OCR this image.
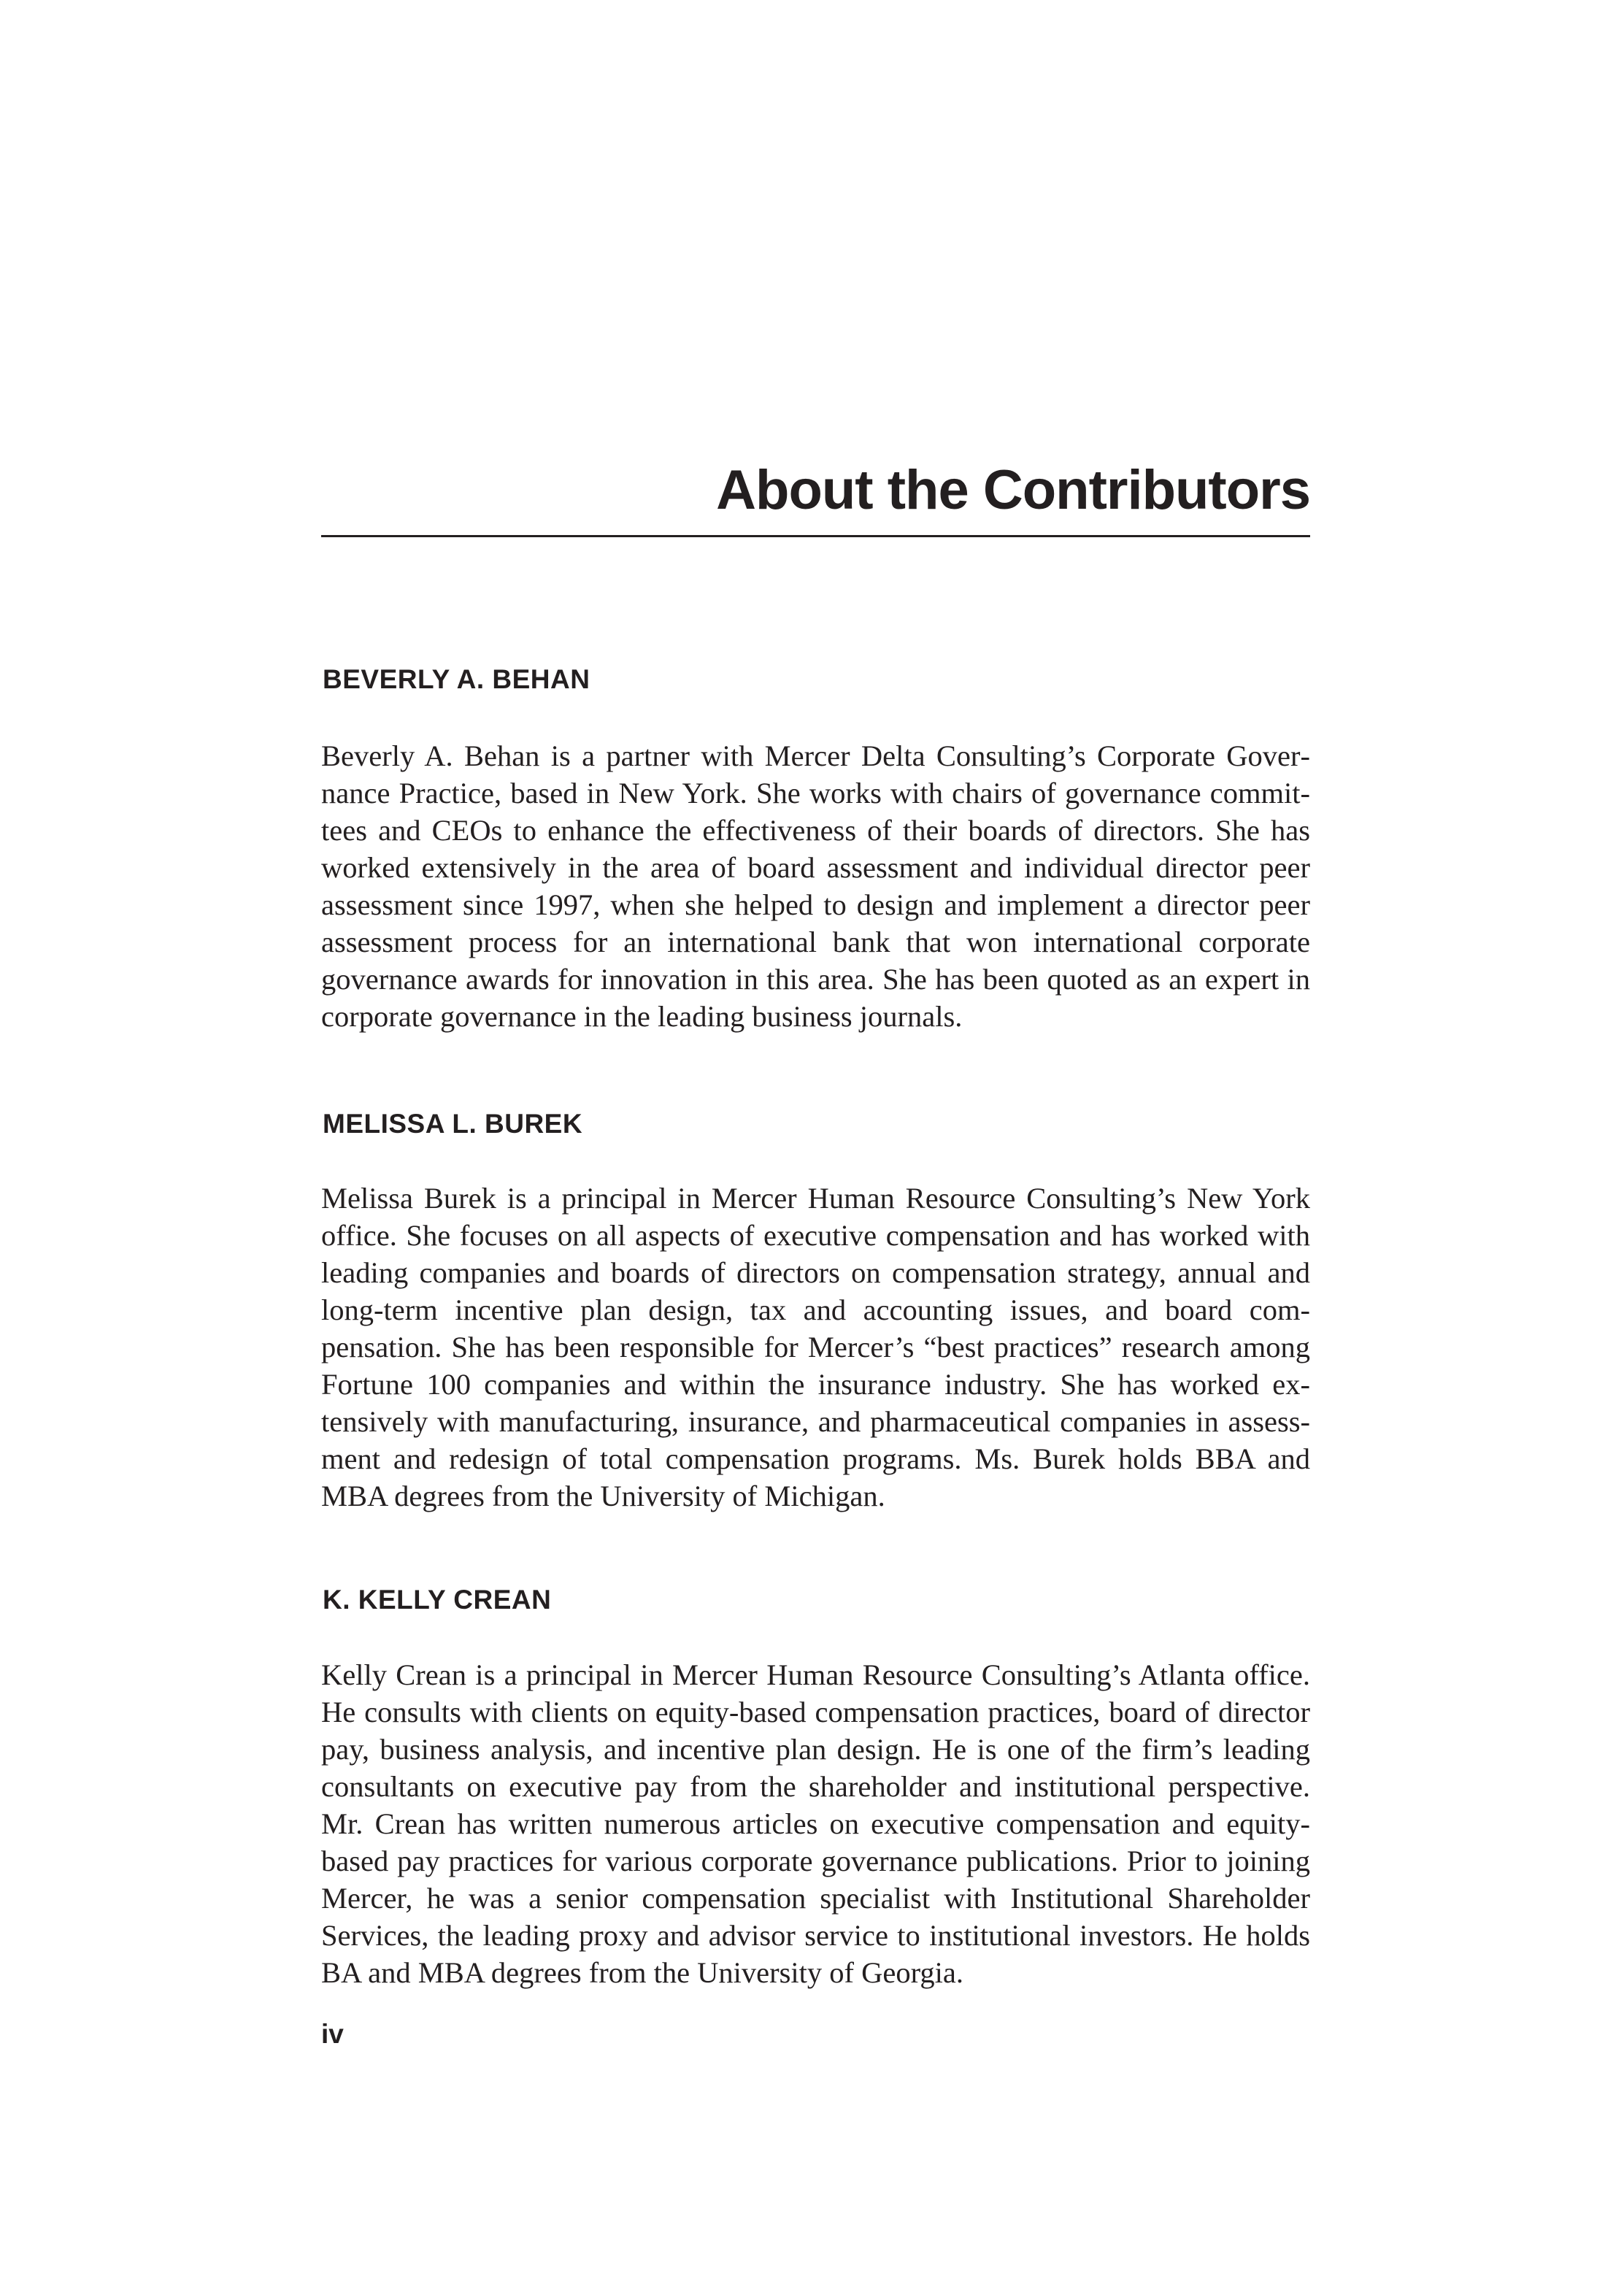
About the Contributors
BEVERLY A. BEHAN

Beverly A. Behan is a partner with Mercer Delta Consulting’s Corporate Governance Practice, based in New York. She works with chairs of governance committees and CEOs to enhance the effectiveness of their boards of directors. She has worked extensively in the area of board assessment and individual director peer assessment since 1997, when she helped to design and implement a director peer assessment process for an international bank that won international corporate governance awards for innovation in this area. She has been quoted as an expert in corporate governance in the leading business journals.

MELISSA L. BUREK

Melissa Burek is a principal in Mercer Human Resource Consulting’s New York office. She focuses on all aspects of executive compensation and has worked with leading companies and boards of directors on compensation strategy, annual and long-term incentive plan design, tax and accounting issues, and board compensation. She has been responsible for Mercer’s “best practices” research among Fortune 100 companies and within the insurance industry. She has worked extensively with manufacturing, insurance, and pharmaceutical companies in assessment and redesign of total compensation programs. Ms. Burek holds BBA and MBA degrees from the University of Michigan.

K. KELLY CREAN

Kelly Crean is a principal in Mercer Human Resource Consulting’s Atlanta office. He consults with clients on equity-based compensation practices, board of director pay, business analysis, and incentive plan design. He is one of the firm’s leading consultants on executive pay from the shareholder and institutional perspective. Mr. Crean has written numerous articles on executive compensation and equity-based pay practices for various corporate governance publications. Prior to joining Mercer, he was a senior compensation specialist with Institutional Shareholder Services, the leading proxy and advisor service to institutional investors. He holds BA and MBA degrees from the University of Georgia.

iv
